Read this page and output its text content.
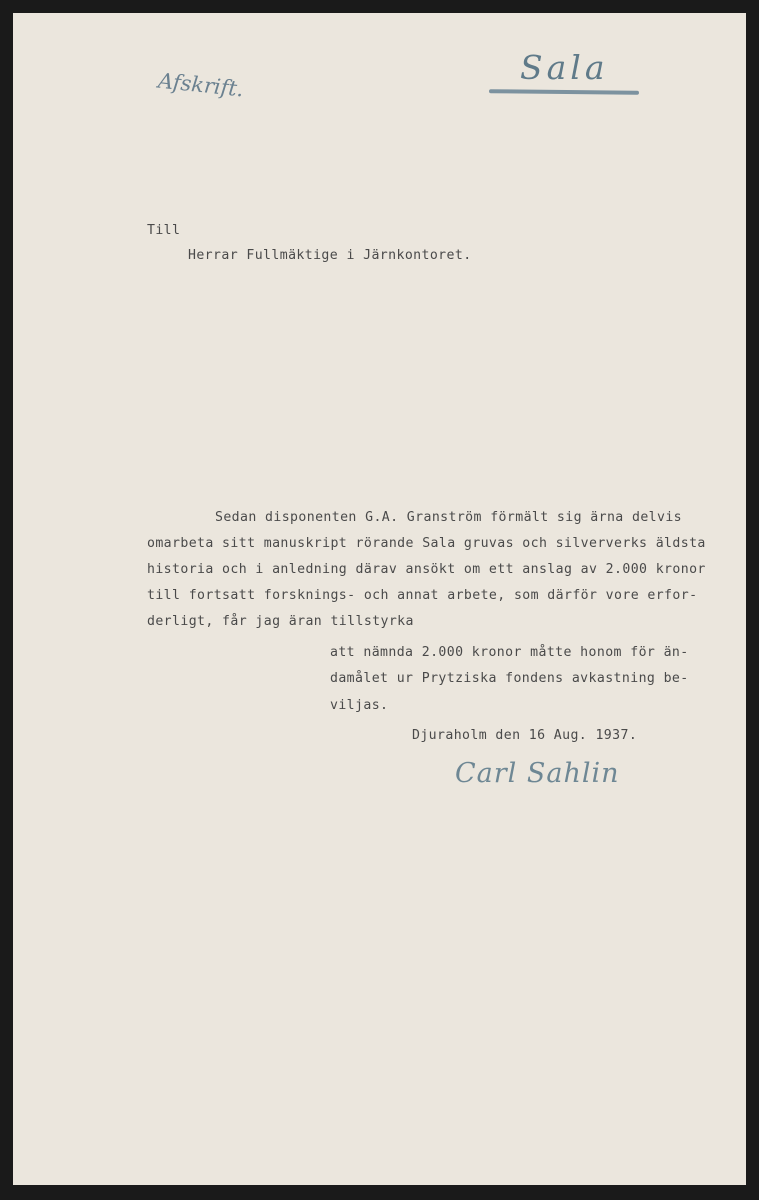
Afskrift.	Sala
Till
Herrar Fullmäktige i Järnkontoret.
Sedan disponenten G.A. Granström förmält sig ärna delvis
omarbeta sitt manuskript rörande Sala gruvas och silververks äldsta
historia och i anledning därav ansökt om ett anslag av 2.000 kronor
till fortsatt forsknings- och annat arbete, som därför vore erfor-
derligt, får jag äran tillstyrka
att nämnda 2.000 kronor måtte honom för än-
damålet ur Prytziska fondens avkastning be-
viljas.
Djuraholm den 16 Aug. 1937.
Carl Sahlin
